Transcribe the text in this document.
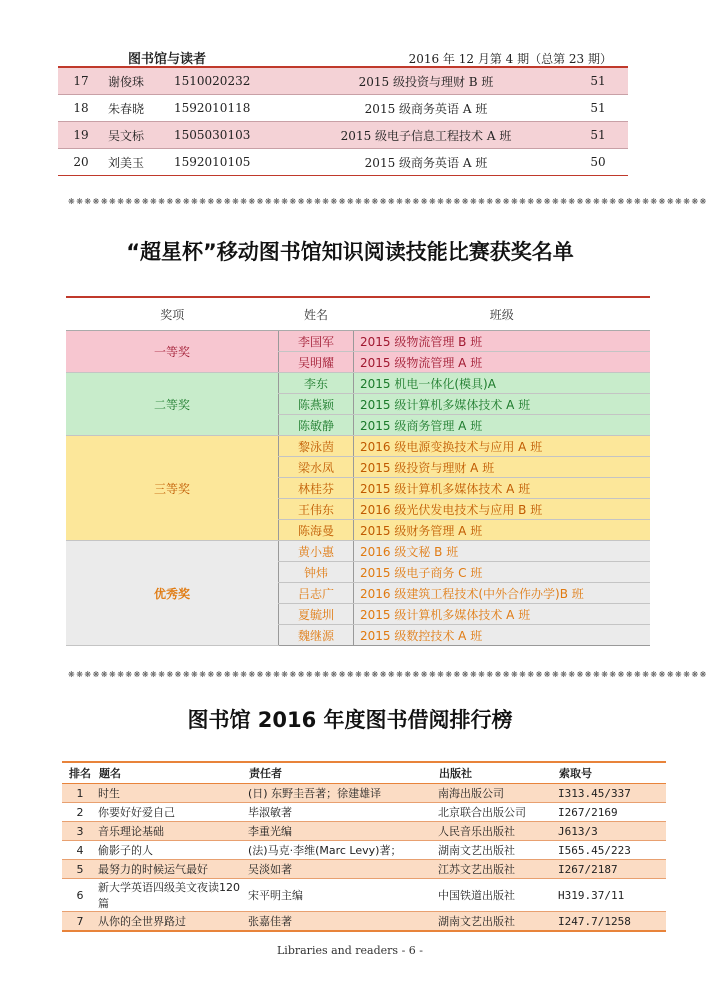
图书馆与读者	2016 年 12 月第 4 期（总第 23 期）
17	谢俊珠	1510020232	2015 级投资与理财 B 班	51
18	朱春晓	1592010118	2015 级商务英语 A 班	51
19	吴文标	1505030103	2015 级电子信息工程技术 A 班	51
20	刘美玉	1592010105	2015 级商务英语 A 班	50
❋❋❋❋❋❋❋❋❋❋❋❋❋❋❋❋❋❋❋❋❋❋❋❋❋❋❋❋❋❋❋❋❋❋❋❋❋❋❋❋❋❋❋❋❋❋❋❋❋❋❋❋❋❋❋❋❋❋❋❋❋❋❋❋❋❋❋❋❋❋❋❋❋❋❋❋❋❋
“超星杯”移动图书馆知识阅读技能比赛获奖名单
奖项	姓名	班级
一等奖	李国军	2015 级物流管理 B 班
	吴明耀	2015 级物流管理 A 班
二等奖	李东	2015 机电一体化(模具)A
	陈燕颖	2015 级计算机多媒体技术 A 班
	陈敏静	2015 级商务管理 A 班
三等奖	黎泳茵	2016 级电源变换技术与应用 A 班
	梁水凤	2015 级投资与理财 A 班
	林桂芬	2015 级计算机多媒体技术 A 班
	王伟东	2016 级光伏发电技术与应用 B 班
	陈海曼	2015 级财务管理 A 班
优秀奖	黄小惠	2016 级文秘 B 班
	钟炜	2015 级电子商务 C 班
	吕志广	2016 级建筑工程技术(中外合作办学)B 班
	夏毓圳	2015 级计算机多媒体技术 A 班
	魏继源	2015 级数控技术 A 班
❋❋❋❋❋❋❋❋❋❋❋❋❋❋❋❋❋❋❋❋❋❋❋❋❋❋❋❋❋❋❋❋❋❋❋❋❋❋❋❋❋❋❋❋❋❋❋❋❋❋❋❋❋❋❋❋❋❋❋❋❋❋❋❋❋❋❋❋❋❋❋❋❋❋❋❋❋❋
图书馆 2016 年度图书借阅排行榜
排名	题名	责任者	出版社	索取号
1	时生	(日) 东野圭吾著；徐建雄译	南海出版公司	I313.45/337
2	你要好好爱自己	毕淑敏著	北京联合出版公司	I267/2169
3	音乐理论基础	李重光编	人民音乐出版社	J613/3
4	偷影子的人	(法)马克·李维(Marc Levy)著；	湖南文艺出版社	I565.45/223
5	最努力的时候运气最好	吴淡如著	江苏文艺出版社	I267/2187
6	新大学英语四级美文夜读120篇	宋平明主编	中国铁道出版社	H319.37/11
7	从你的全世界路过	张嘉佳著	湖南文艺出版社	I247.7/1258
Libraries and readers - 6 -
